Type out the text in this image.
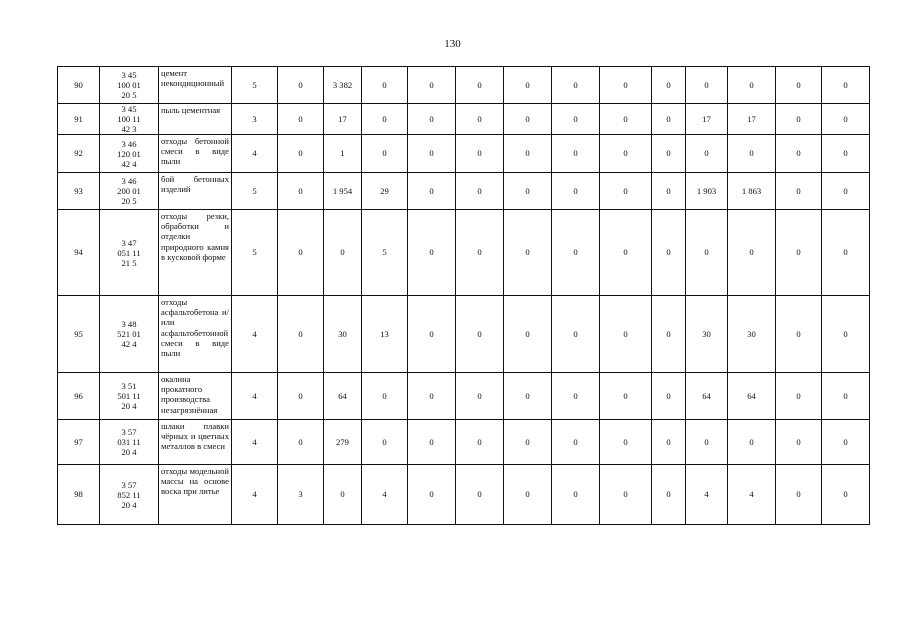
130
90	3 45
100 01
20 5	цемент некондиционный	5	0	3 382	0	0	0	0	0	0	0	0	0	0	0
91	3 45
100 11
42 3	пыль цементная	3	0	17	0	0	0	0	0	0	0	17	17	0	0
92	3 46
120 01
42 4	отходы бетонной смеси в виде пыли	4	0	1	0	0	0	0	0	0	0	0	0	0	0
93	3 46
200 01
20 5	бой бетонных изделий	5	0	1 954	29	0	0	0	0	0	0	1 903	1 863	0	0
94	3 47
051 11
21 5	отходы резки, обработки и отделки природного камня в кусковой форме	5	0	0	5	0	0	0	0	0	0	0	0	0	0
95	3 48
521 01
42 4	отходы асфальтобетона и/или асфальтобетонной смеси в виде пыли	4	0	30	13	0	0	0	0	0	0	30	30	0	0
96	3 51
501 11
20 4	окалина прокатного производства незагрязнённая	4	0	64	0	0	0	0	0	0	0	64	64	0	0
97	3 57
031 11
20 4	шлаки плавки чёрных и цветных металлов в смеси	4	0	279	0	0	0	0	0	0	0	0	0	0	0
98	3 57
852 11
20 4	отходы модельной массы на основе воска при литье	4	3	0	4	0	0	0	0	0	0	4	4	0	0
